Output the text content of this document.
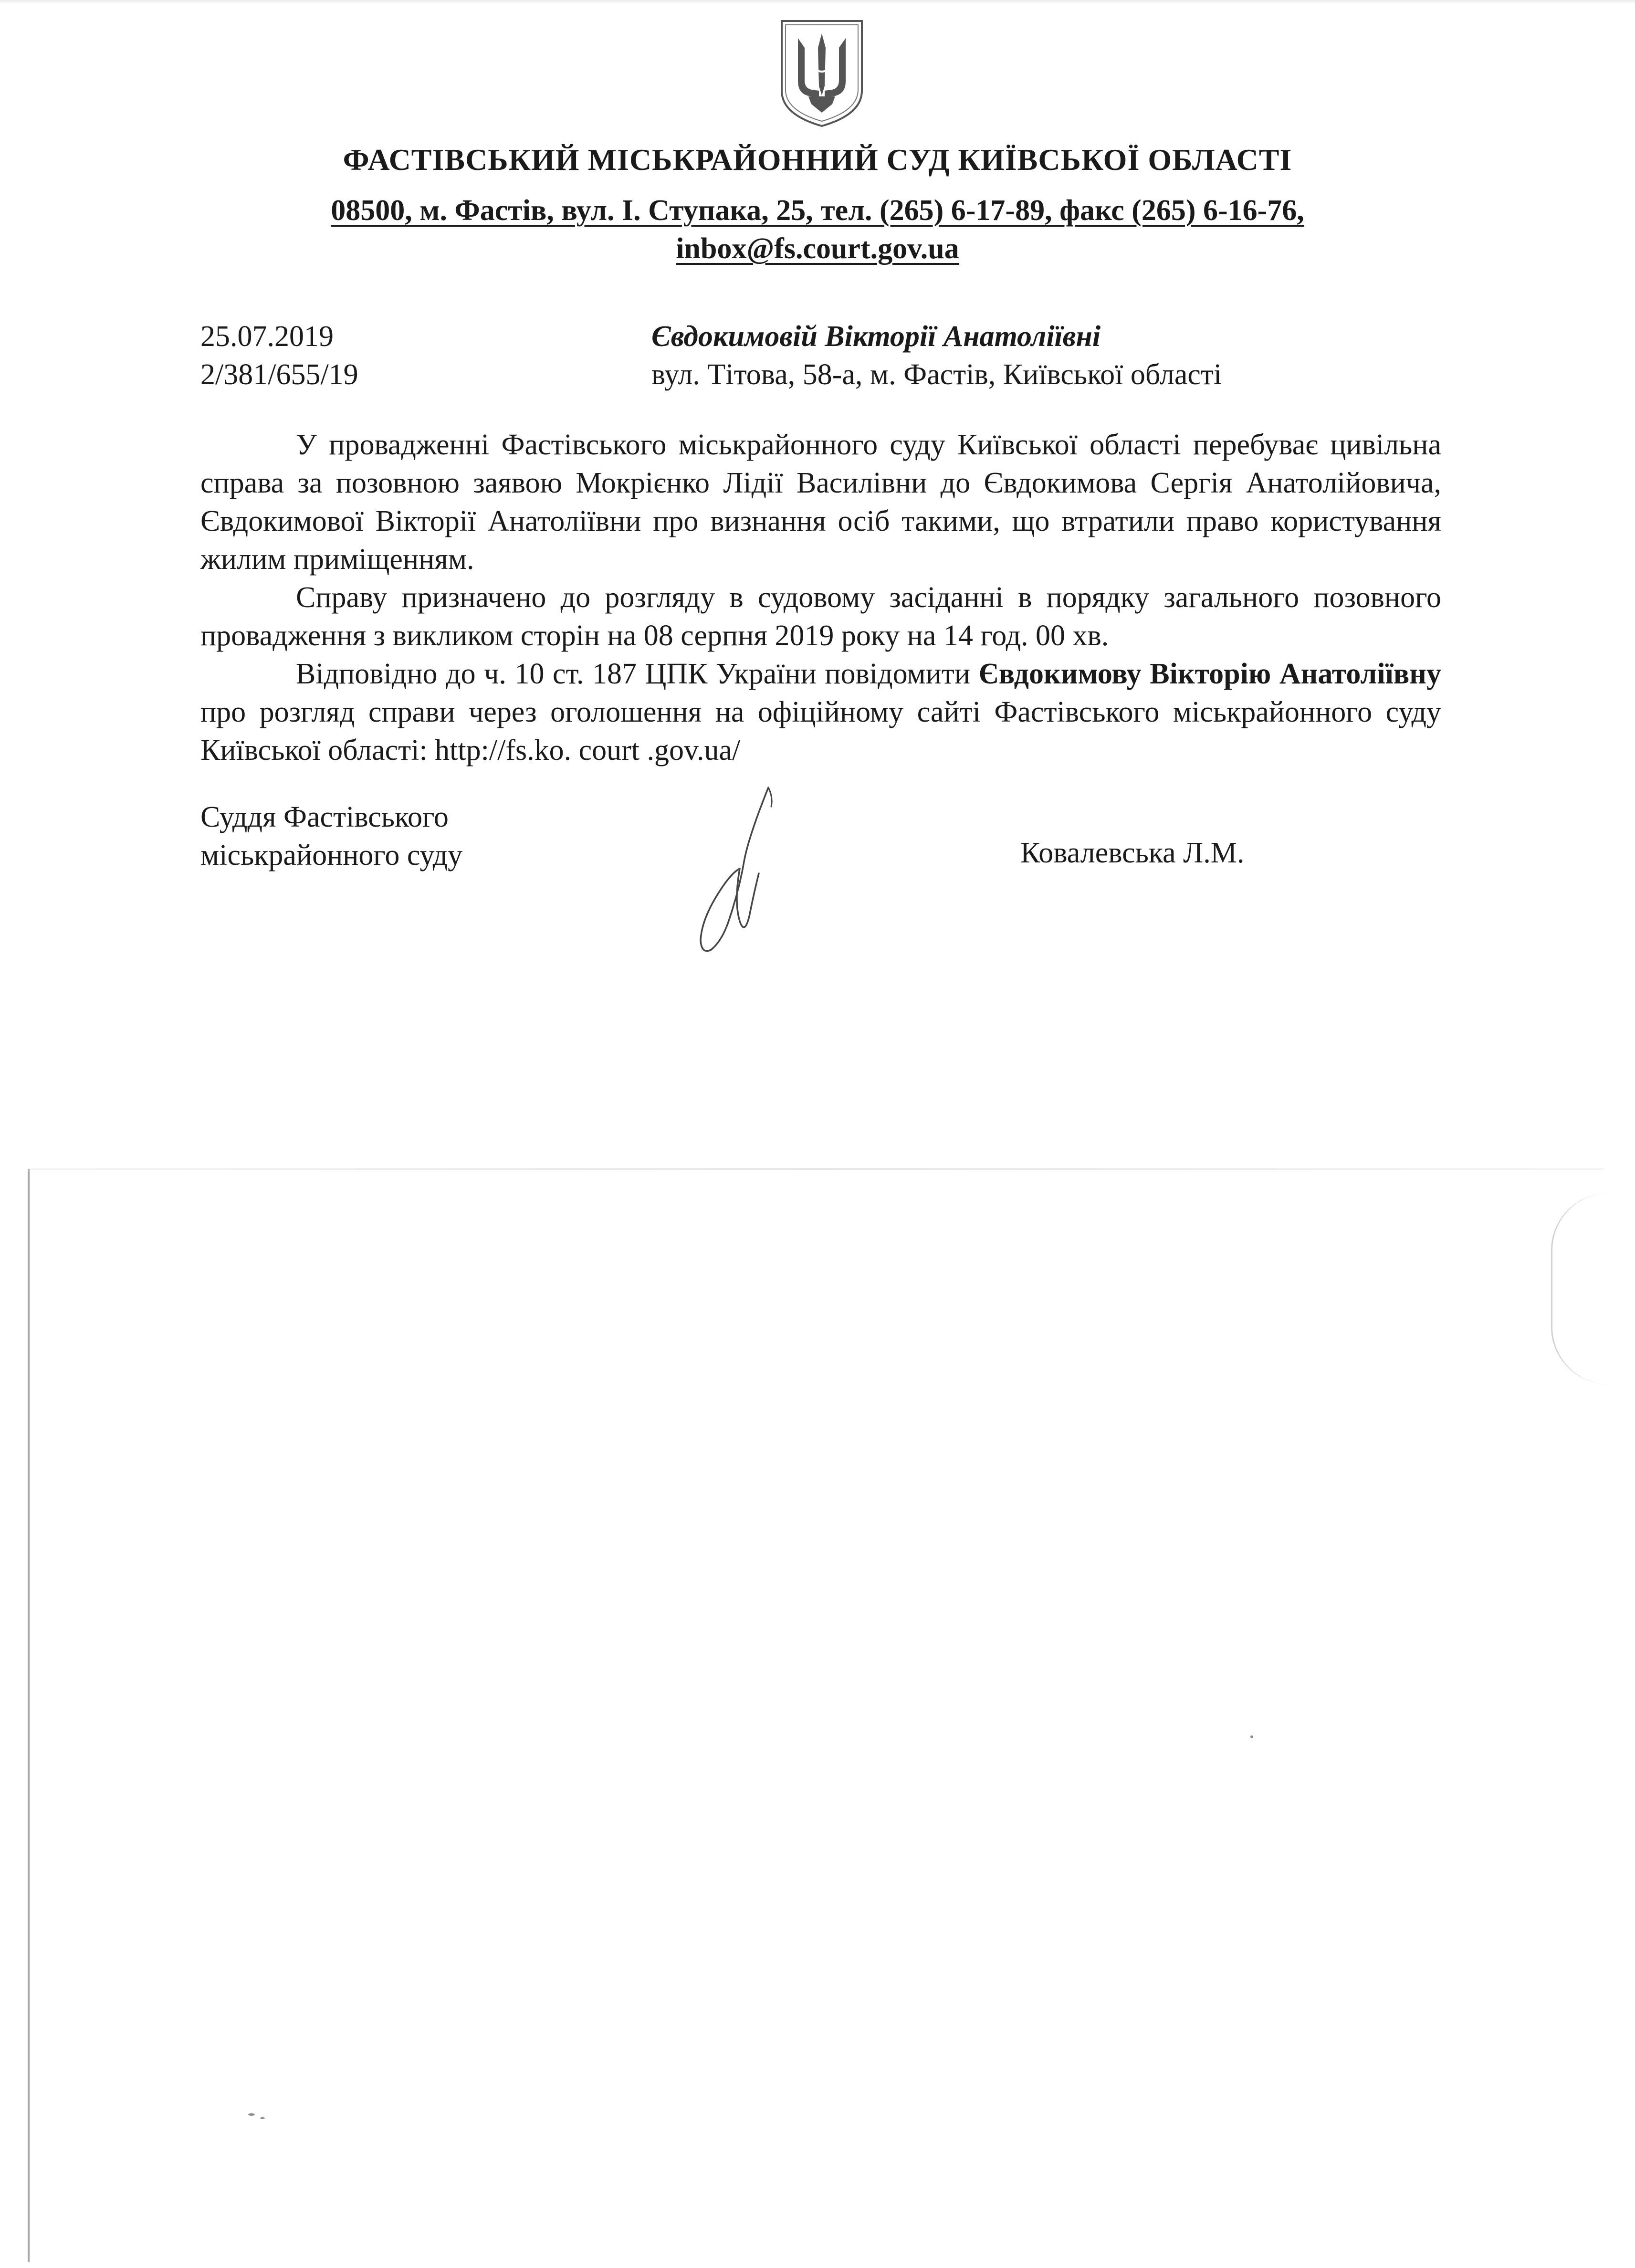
ФАСТІВСЬКИЙ МІСЬКРАЙОННИЙ СУД КИЇВСЬКОЇ ОБЛАСТІ
08500, м. Фастів, вул. І. Ступака, 25, тел. (265) 6-17-89, факс (265) 6-16-76,
inbox@fs.court.gov.ua
25.07.2019
2/381/655/19
Євдокимовій Вікторії Анатоліївні
вул. Тітова, 58-а, м. Фастів, Київської області

У провадженні Фастівського міськрайонного суду Київської області перебуває цивільна справа за позовною заявою Мокрієнко Лідії Василівни до Євдокимова Сергія Анатолійовича, Євдокимової Вікторії Анатоліївни про визнання осіб такими, що втратили право користування жилим приміщенням.

Справу призначено до розгляду в судовому засіданні в порядку загального позовного провадження з викликом сторін на 08 серпня 2019 року на 14 год. 00 хв.

Відповідно до ч. 10 ст. 187 ЦПК України повідомити Євдокимову Вікторію Анатоліївну про розгляд справи через оголошення на офіційному сайті Фастівського міськрайонного суду Київської області: http://fs.ko. court .gov.ua/

Суддя Фастівського
міськрайонного суду	Ковалевська Л.М.
